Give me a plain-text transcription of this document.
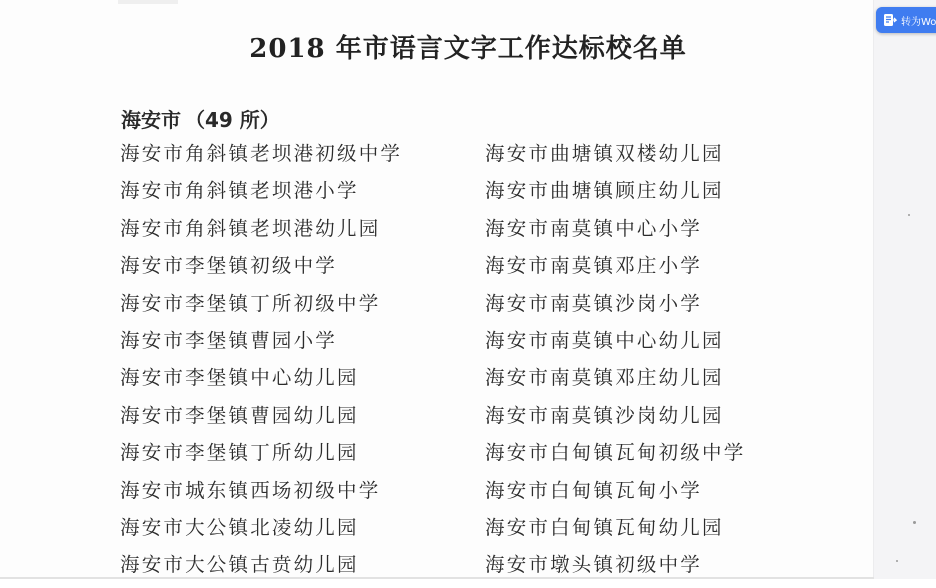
2018 年市语言文字工作达标校名单
海安市 （49 所）
海安市角斜镇老坝港初级中学
海安市角斜镇老坝港小学
海安市角斜镇老坝港幼儿园
海安市李堡镇初级中学
海安市李堡镇丁所初级中学
海安市李堡镇曹园小学
海安市李堡镇中心幼儿园
海安市李堡镇曹园幼儿园
海安市李堡镇丁所幼儿园
海安市城东镇西场初级中学
海安市大公镇北凌幼儿园
海安市大公镇古贲幼儿园
海安市曲塘镇双楼幼儿园
海安市曲塘镇顾庄幼儿园
海安市南莫镇中心小学
海安市南莫镇邓庄小学
海安市南莫镇沙岗小学
海安市南莫镇中心幼儿园
海安市南莫镇邓庄幼儿园
海安市南莫镇沙岗幼儿园
海安市白甸镇瓦甸初级中学
海安市白甸镇瓦甸小学
海安市白甸镇瓦甸幼儿园
海安市墩头镇初级中学
转为Wo
